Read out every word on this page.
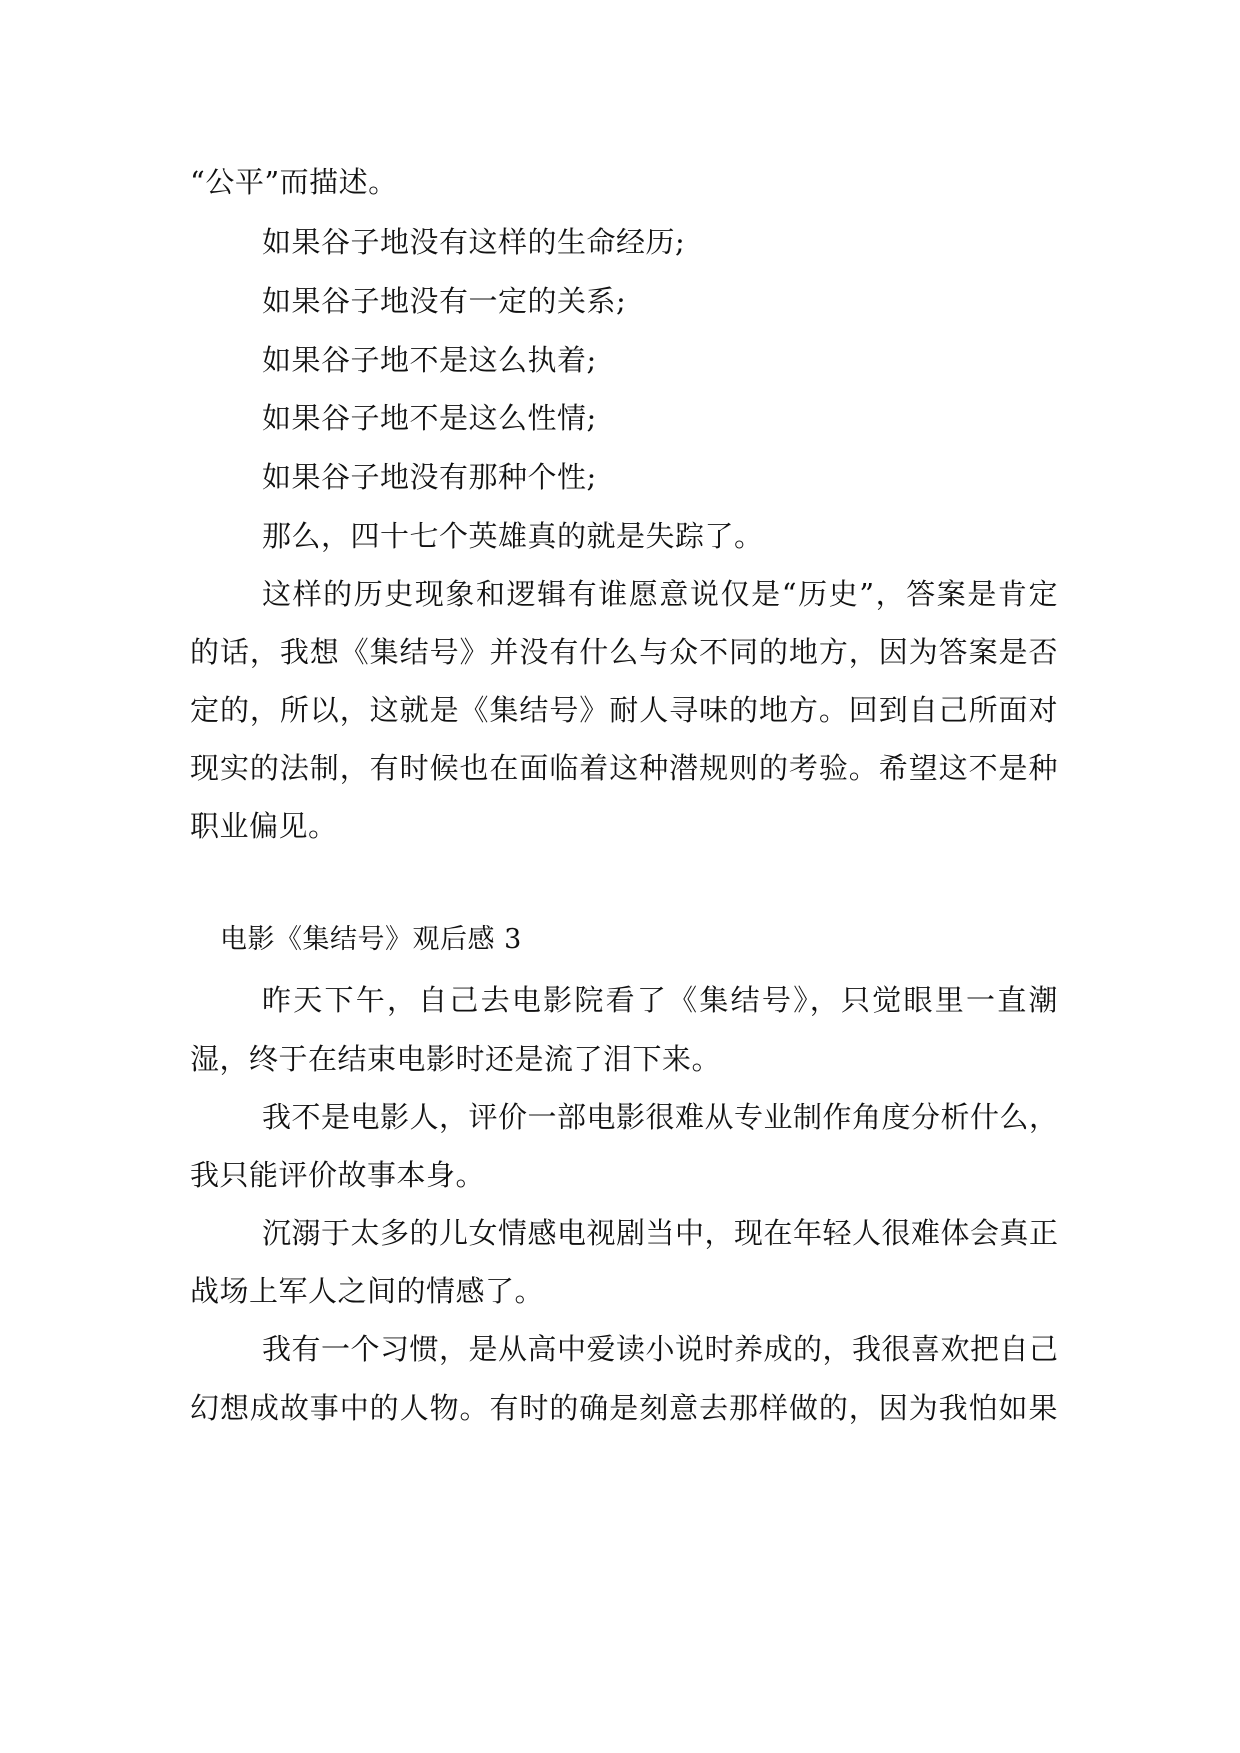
“公平”而描述。
如果谷子地没有这样的生命经历;
如果谷子地没有一定的关系;
如果谷子地不是这么执着;
如果谷子地不是这么性情;
如果谷子地没有那种个性;
那么，四十七个英雄真的就是失踪了。
这样的历史现象和逻辑有谁愿意说仅是“历史”，答案是肯定
的话，我想《集结号》并没有什么与众不同的地方，因为答案是否
定的，所以，这就是《集结号》耐人寻味的地方。回到自己所面对
现实的法制，有时候也在面临着这种潜规则的考验。希望这不是种
职业偏见。
电影《集结号》观后感 3
昨天下午，自己去电影院看了《集结号》，只觉眼里一直潮
湿，终于在结束电影时还是流了泪下来。
我不是电影人，评价一部电影很难从专业制作角度分析什么，
我只能评价故事本身。
沉溺于太多的儿女情感电视剧当中，现在年轻人很难体会真正
战场上军人之间的情感了。
我有一个习惯，是从高中爱读小说时养成的，我很喜欢把自己
幻想成故事中的人物。有时的确是刻意去那样做的，因为我怕如果
